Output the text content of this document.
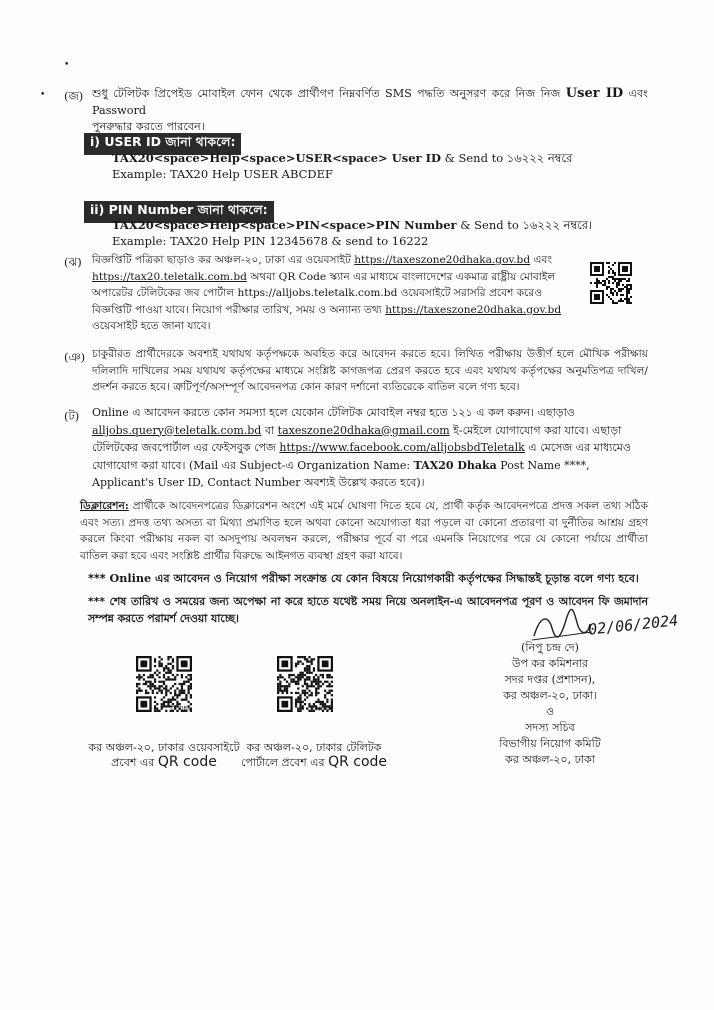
•
• (জ) শুধু টেলিটক প্রিপেইড মোবাইল ফোন থেকে প্রার্থীগণ নিম্নবর্ণিত SMS পদ্ধতি অনুসরণ করে নিজ নিজ User ID এবং Password
পুনরুদ্ধার করতে পারবেন।
i) USER ID জানা থাকলে:
TAX20<space>Help<space>USER<space> User ID & Send to ১৬২২২ নম্বরে
Example: TAX20 Help USER ABCDEF
ii) PIN Number জানা থাকলে:
TAX20<space>Help<space>PIN<space>PIN Number & Send to ১৬২২২ নম্বরে।
Example: TAX20 Help PIN 12345678 & send to 16222
(ঝ) বিজ্ঞপ্তিটি পত্রিকা ছাড়াও কর অঞ্চল-২০, ঢাকা এর ওয়েবসাইট https://taxeszone20dhaka.gov.bd এবং
https://tax20.teletalk.com.bd অথবা QR Code স্ক্যান এর মাধ্যমে বাংলাদেশের একমাত্র রাষ্ট্রীয় মোবাইল
অপারেটর টেলিটকের জব পোর্টাল https://alljobs.teletalk.com.bd ওয়েবসাইটে সরাসরি প্রবেশ করেও
বিজ্ঞপ্তিটি পাওয়া যাবে। নিয়োগ পরীক্ষার তারিখ, সময় ও অন্যান্য তথ্য https://taxeszone20dhaka.gov.bd
ওয়েবসাইট হতে জানা যাবে।
(ঞ) চাকুরীরত প্রার্থীদেরকে অবশ্যই যথাযথ কর্তৃপক্ষকে অবহিত করে আবেদন করতে হবে। লিখিত পরীক্ষায় উত্তীর্ণ হলে মৌখিক পরীক্ষায় দলিলাদি দাখিলের সময় যথাযথ কর্তৃপক্ষের মাধ্যমে সংশ্লিষ্ট কাগজপত্র প্রেরণ করতে হবে এবং যথাযথ কর্তৃপক্ষের অনুমতিপত্র দাখিল/প্রদর্শন করতে হবে। ত্রুটিপূর্ণ/অসম্পূর্ণ আবেদনপত্র কোন কারণ দর্শানো ব্যতিরেকে বাতিল বলে গণ্য হবে।
(ট) Online এ আবেদন করতে কোন সমস্যা হলে যেকোন টেলিটক মোবাইল নম্বর হতে ১২১ এ কল করুন। এছাড়াও
alljobs.query@teletalk.com.bd বা taxeszone20dhaka@gmail.com ই-মেইলে যোগাযোগ করা যাবে। এছাড়া
টেলিটকের জবপোর্টাল এর ফেইসবুক পেজ https://www.facebook.com/alljobsbdTeletalk এ মেসেজ এর মাধ্যমেও
যোগাযোগ করা যাবে। (Mail এর Subject-এ Organization Name: TAX20 Dhaka Post Name ****,
Applicant's User ID, Contact Number অবশ্যই উল্লেখ করতে হবে)।
ডিক্লারেশন: প্রার্থীকে আবেদনপত্রের ডিক্লারেশন অংশে এই মর্মে ঘোষণা দিতে হবে যে, প্রার্থী কর্তৃক আবেদনপত্রে প্রদত্ত সকল তথ্য সঠিক এবং সত্য। প্রদত্ত তথ্য অসত্য বা মিথ্যা প্রমাণিত হলে অথবা কোনো অযোগ্যতা ধরা পড়লে বা কোনো প্রতারণা বা দুর্নীতির আশ্রয় গ্রহণ করলে কিংবা পরীক্ষায় নকল বা অসদুপায় অবলম্বন করলে, পরীক্ষার পূর্বে বা পরে এমনকি নিয়োগের পরে যে কোনো পর্যায়ে প্রার্থীতা বাতিল করা হবে এবং সংশ্লিষ্ট প্রার্থীর বিরুদ্ধে আইনগত ব্যবস্থা গ্রহণ করা যাবে।
*** Online এর আবেদন ও নিয়োগ পরীক্ষা সংক্রান্ত যে কোন বিষয়ে নিয়োগকারী কর্তৃপক্ষের সিদ্ধান্তই চূড়ান্ত বলে গণ্য হবে।
*** শেষ তারিখ ও সময়ের জন্য অপেক্ষা না করে হাতে যথেষ্ট সময় নিয়ে অনলাইন-এ আবেদনপত্র পূরণ ও আবেদন ফি জমাদান সম্পন্ন করতে পরামর্শ দেওয়া যাচ্ছে।
TT JOBS
কর অঞ্চল-২০, ঢাকার ওয়েবসাইটে
প্রবেশ এর QR code
TT JOBS
কর অঞ্চল-২০, ঢাকার টেলিটক
পোর্টালে প্রবেশ এর QR code
02/06/2024
(নিপু চন্দ্র দে)
উপ কর কমিশনার
সদর দপ্তর (প্রশাসন),
কর অঞ্চল-২০, ঢাকা।
ও
সদস্য সচিব
বিভাগীয় নিয়োগ কমিটি
কর অঞ্চল-২০, ঢাকা
